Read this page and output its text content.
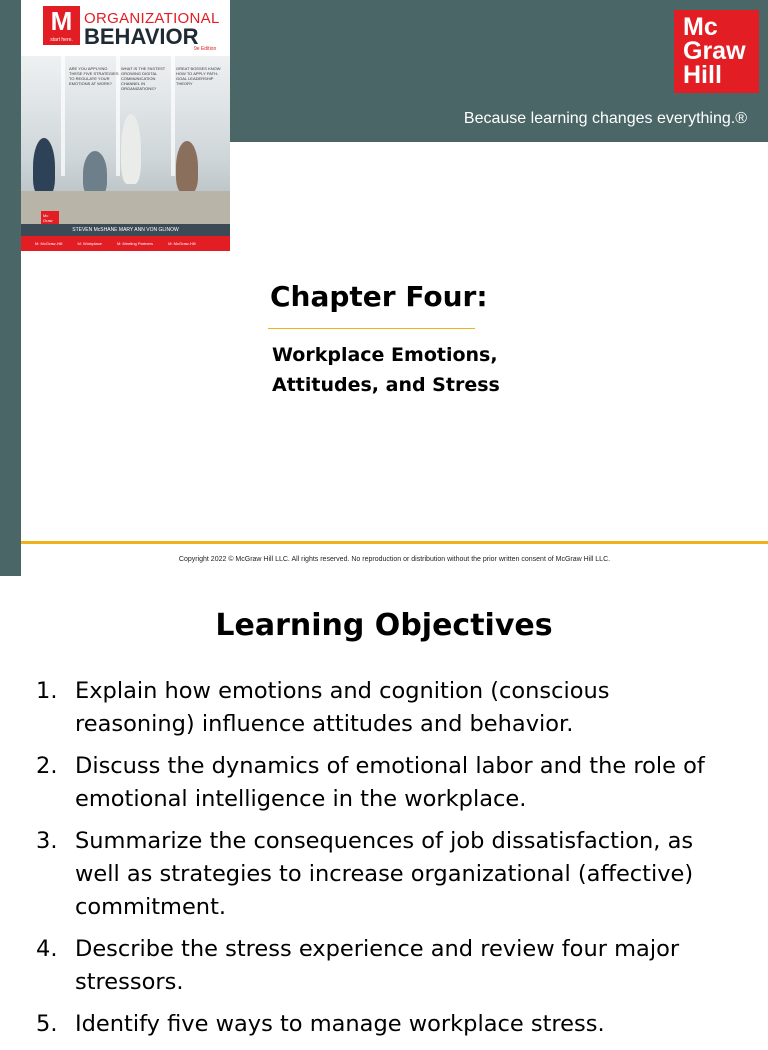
Mc
Graw
Hill
Because learning changes everything.®
M
start here.
ORGANIZATIONAL
BEHAVIOR
9e Edition
ARE YOU APPLYING THESE FIVE STRATEGIES TO REGULATE YOUR EMOTIONS AT WORK?
WHAT IS THE FASTEST GROWING DIGITAL COMMUNICATION CHANNEL IN ORGANIZATIONS?
GREAT BOSSES KNOW HOW TO APPLY PATH-GOAL LEADERSHIP THEORY
Mc Graw
STEVEN McSHANE MARY ANN VON GLINOW
M: McGraw-Hill	M: Workplace	M: Meeting Partners	M: McGraw-Hill
Chapter Four:
Workplace Emotions,
Attitudes, and Stress
Copyright 2022 © McGraw Hill LLC. All rights reserved. No reproduction or distribution without the prior written consent of McGraw Hill LLC.
Learning Objectives
1. Explain how emotions and cognition (conscious reasoning) influence attitudes and behavior.
2. Discuss the dynamics of emotional labor and the role of emotional intelligence in the workplace.
3. Summarize the consequences of job dissatisfaction, as well as strategies to increase organizational (affective) commitment.
4. Describe the stress experience and review four major stressors.
5. Identify five ways to manage workplace stress.
